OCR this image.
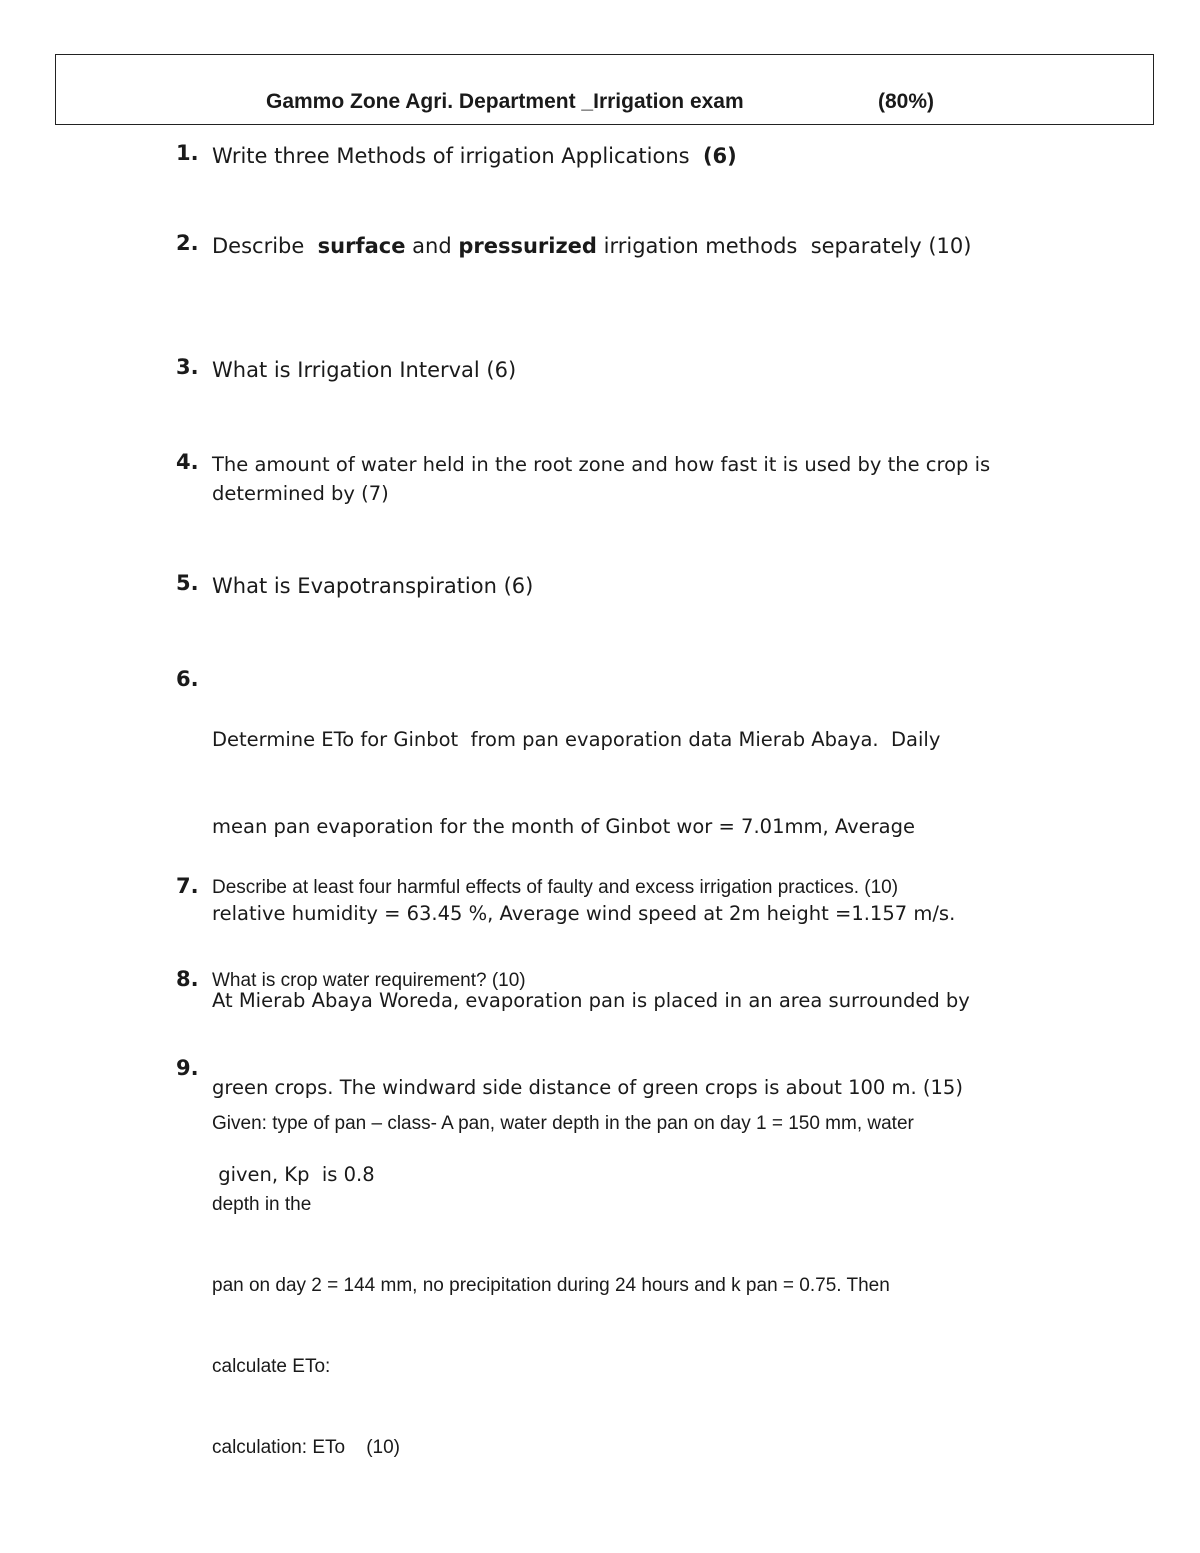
Gammo Zone Agri. Department _Irrigation exam	(80%)
1. Write three Methods of irrigation Applications  (6)
2. Describe  surface and pressurized irrigation methods  separately (10)
3. What is Irrigation Interval (6)
4. The amount of water held in the root zone and how fast it is used by the crop is determined by (7)
5. What is Evapotranspiration (6)
6.

Determine ETo for Ginbot  from pan evaporation data Mierab Abaya.  Daily

mean pan evaporation for the month of Ginbot wor = 7.01mm, Average

relative humidity = 63.45 %, Average wind speed at 2m height =1.157 m/s.

At Mierab Abaya Woreda, evaporation pan is placed in an area surrounded by

green crops. The windward side distance of green crops is about 100 m. (15)

given, Kp  is 0.8

7. Describe at least four harmful effects of faulty and excess irrigation practices. (10)
8. What is crop water requirement? (10)
9.

Given: type of pan – class- A pan, water depth in the pan on day 1 = 150 mm, water

depth in the

pan on day 2 = 144 mm, no precipitation during 24 hours and k pan = 0.75. Then

calculate ETo:

calculation: ETo    (10)
